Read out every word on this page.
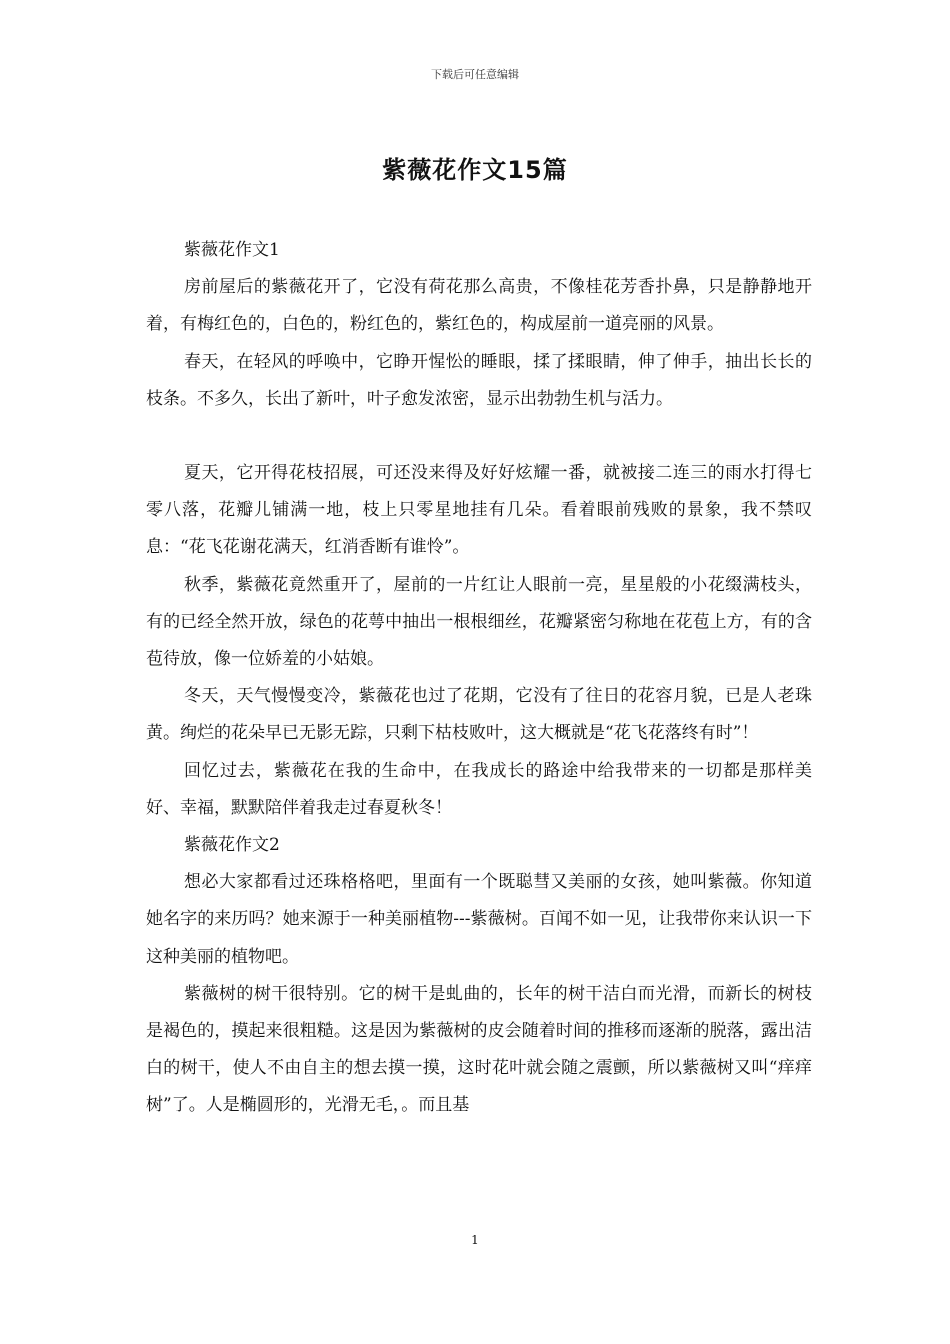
下载后可任意编辑
紫薇花作文15篇

紫薇花作文1

房前屋后的紫薇花开了，它没有荷花那么高贵，不像桂花芳香扑鼻，只是静静地开着，有梅红色的，白色的，粉红色的，紫红色的，构成屋前一道亮丽的风景。

春天，在轻风的呼唤中，它睁开惺忪的睡眼，揉了揉眼睛，伸了伸手，抽出长长的枝条。不多久，长出了新叶，叶子愈发浓密，显示出勃勃生机与活力。

夏天，它开得花枝招展，可还没来得及好好炫耀一番，就被接二连三的雨水打得七零八落，花瓣儿铺满一地，枝上只零星地挂有几朵。看着眼前残败的景象，我不禁叹息：“花飞花谢花满天，红消香断有谁怜”。

秋季，紫薇花竟然重开了，屋前的一片红让人眼前一亮，星星般的小花缀满枝头，有的已经全然开放，绿色的花萼中抽出一根根细丝，花瓣紧密匀称地在花苞上方，有的含苞待放，像一位娇羞的小姑娘。

冬天，天气慢慢变冷，紫薇花也过了花期，它没有了往日的花容月貌，已是人老珠黄。绚烂的花朵早已无影无踪，只剩下枯枝败叶，这大概就是“花飞花落终有时”！

回忆过去，紫薇花在我的生命中，在我成长的路途中给我带来的一切都是那样美好、幸福，默默陪伴着我走过春夏秋冬！

紫薇花作文2

想必大家都看过还珠格格吧，里面有一个既聪彗又美丽的女孩，她叫紫薇。你知道她名字的来历吗？她来源于一种美丽植物---紫薇树。百闻不如一见，让我带你来认识一下这种美丽的植物吧。

紫薇树的树干很特别。它的树干是虬曲的，长年的树干洁白而光滑，而新长的树枝是褐色的，摸起来很粗糙。这是因为紫薇树的皮会随着时间的推移而逐渐的脱落，露出洁白的树干，使人不由自主的想去摸一摸，这时花叶就会随之震颤，所以紫薇树又叫“痒痒树”了。人是椭圆形的，光滑无毛，。而且基

1
